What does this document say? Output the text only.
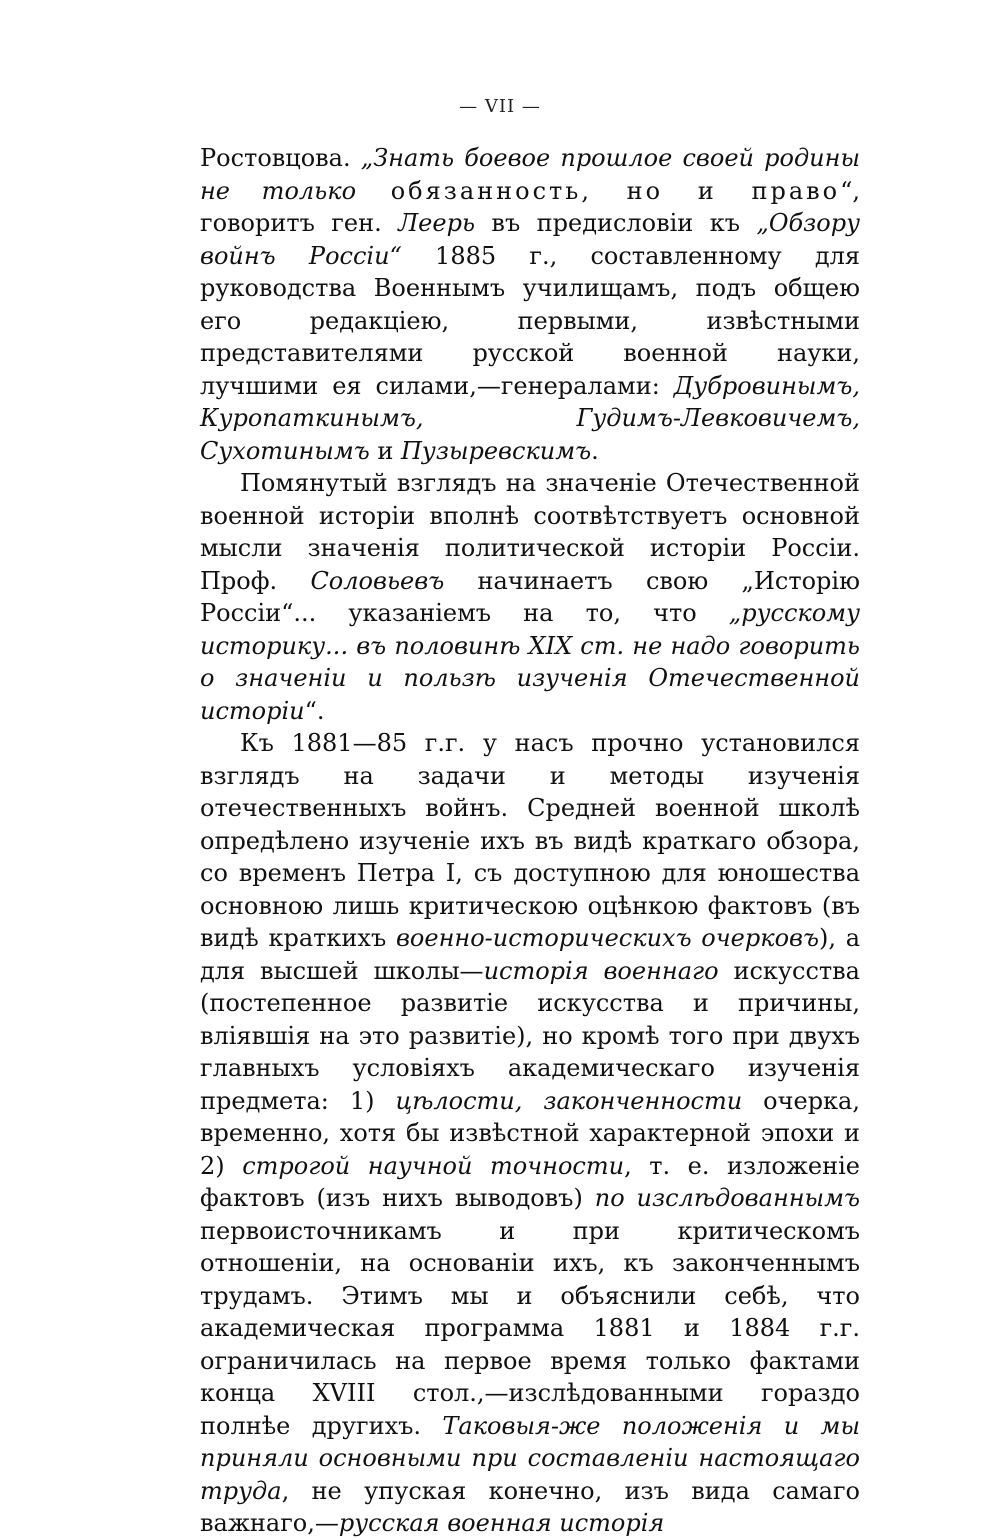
— VII —

Ростовцова. „Знать боевое прошлое своей родины не только обязанность, но и право“, говоритъ ген. Леерь въ предисловіи къ „Обзору войнъ Россіи“ 1885 г., составленному для руководства Военнымъ училищамъ, подъ общею его редакціею, первыми, извѣстными представителями русской военной науки, лучшими ея силами,—генералами: Дубровинымъ, Куропаткинымъ, Гудимъ-Левковичемъ, Сухотинымъ и Пузыревскимъ.

Помянутый взглядъ на значеніе Отечественной военной исторіи вполнѣ соотвѣтствуетъ основной мысли значенія политической исторіи Россіи. Проф. Соловьевъ начинаетъ свою „Исторію Россіи“... указаніемъ на то, что „русскому историку... въ половинѣ XIX ст. не надо говорить о значеніи и пользѣ изученія Отечественной исторіи“.

Къ 1881—85 г.г. у насъ прочно установился взглядъ на задачи и методы изученія отечественныхъ войнъ. Средней военной школѣ опредѣлено изученіе ихъ въ видѣ краткаго обзора, со временъ Петра I, съ доступною для юношества основною лишь критическою оцѣнкою фактовъ (въ видѣ краткихъ военно-историческихъ очерковъ), а для высшей школы—исторія военнаго искусства (постепенное развитіе искусства и причины, вліявшія на это развитіе), но кромѣ того при двухъ главныхъ условіяхъ академическаго изученія предмета: 1) цѣлости, законченности очерка, временно, хотя бы извѣстной характерной эпохи и 2) строгой научной точности, т. е. изложеніе фактовъ (изъ нихъ выводовъ) по изслѣдованнымъ первоисточникамъ и при критическомъ отношеніи, на основаніи ихъ, къ законченнымъ трудамъ. Этимъ мы и объяснили себѣ, что академическая программа 1881 и 1884 г.г. ограничилась на первое время только фактами конца XVIII стол.,—изслѣдованными гораздо полнѣе другихъ. Таковыя-же положенія и мы приняли основными при составленіи настоящаго труда, не упуская конечно, изъ вида самаго важнаго,—русская военная исторія
